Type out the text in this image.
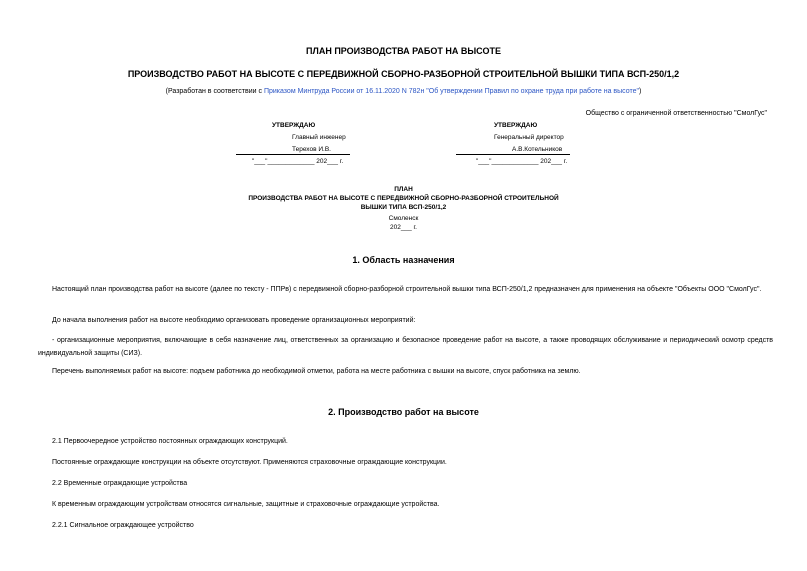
ПЛАН ПРОИЗВОДСТВА РАБОТ НА ВЫСОТЕ
ПРОИЗВОДСТВО РАБОТ НА ВЫСОТЕ С ПЕРЕДВИЖНОЙ СБОРНО-РАЗБОРНОЙ СТРОИТЕЛЬНОЙ ВЫШКИ ТИПА ВСП-250/1,2
(Разработан в соответствии с Приказом Минтруда России от 16.11.2020 N 782н "Об утверждении Правил по охране труда при работе на высоте")
Общество с ограниченной ответственностью "СмолГус"
УТВЕРЖДАЮ
Главный инженер
Терехов И.В.
"___"_____________ 202___ г.
УТВЕРЖДАЮ
Генеральный директор
А.В.Котельников
"___"_____________ 202___ г.
ПЛАН
ПРОИЗВОДСТВА РАБОТ НА ВЫСОТЕ С ПЕРЕДВИЖНОЙ СБОРНО-РАЗБОРНОЙ СТРОИТЕЛЬНОЙ
ВЫШКИ ТИПА ВСП-250/1,2
Смоленск
202___ г.
1. Область назначения
Настоящий план производства работ на высоте (далее по тексту - ППРв) с передвижной сборно-разборной строительной вышки типа ВСП-250/1,2 предназначен для применения на объекте "Объекты ООО "СмолГус".
До начала выполнения работ на высоте необходимо организовать проведение организационных мероприятий:
- организационные мероприятия, включающие в себя назначение лиц, ответственных за организацию и безопасное проведение работ на высоте, а также проводящих обслуживание и периодический осмотр средств индивидуальной защиты (СИЗ).
Перечень выполняемых работ на высоте: подъем работника до необходимой отметки, работа на месте работника с вышки на высоте, спуск работника на землю.
2. Производство работ на высоте
2.1 Первоочередное устройство постоянных ограждающих конструкций.
Постоянные ограждающие конструкции на объекте отсутствуют. Применяются страховочные ограждающие конструкции.
2.2 Временные ограждающие устройства
К временным ограждающим устройствам относятся сигнальные, защитные и страховочные ограждающие устройства.
2.2.1 Сигнальное ограждающее устройство
